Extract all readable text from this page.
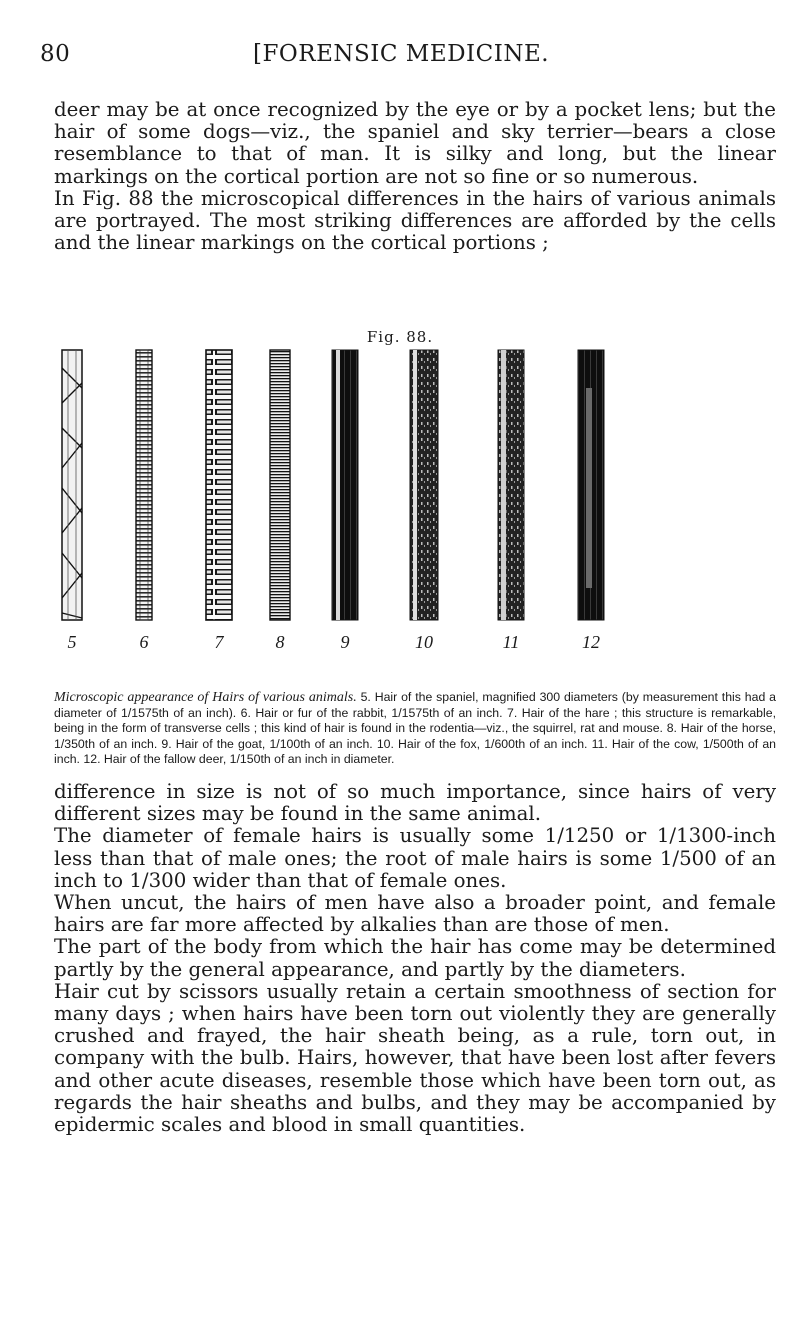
80	[FORENSIC MEDICINE.

deer may be at once recognized by the eye or by a pocket lens; but the hair of some dogs—viz., the spaniel and sky terrier—bears a close resemblance to that of man. It is silky and long, but the linear markings on the cortical portion are not so fine or so numerous.

In Fig. 88 the microscopical differences in the hairs of various animals are portrayed. The most striking differences are afforded by the cells and the linear markings on the cortical portions ;

Fig. 88.
5	6	7	8	9	10	11	12
Microscopic appearance of Hairs of various animals. 5. Hair of the spaniel, magnified 300 diameters (by measurement this had a diameter of 1/1575th of an inch). 6. Hair or fur of the rabbit, 1/1575th of an inch. 7. Hair of the hare ; this structure is remarkable, being in the form of transverse cells ; this kind of hair is found in the rodentia—viz., the squirrel, rat and mouse. 8. Hair of the horse, 1/350th of an inch. 9. Hair of the goat, 1/100th of an inch. 10. Hair of the fox, 1/600th of an inch. 11. Hair of the cow, 1/500th of an inch. 12. Hair of the fallow deer, 1/150th of an inch in diameter.

difference in size is not of so much importance, since hairs of very different sizes may be found in the same animal.

The diameter of female hairs is usually some 1/1250 or 1/1300-inch less than that of male ones; the root of male hairs is some 1/500 of an inch to 1/300 wider than that of female ones.

When uncut, the hairs of men have also a broader point, and female hairs are far more affected by alkalies than are those of men.

The part of the body from which the hair has come may be determined partly by the general appearance, and partly by the diameters.

Hair cut by scissors usually retain a certain smoothness of section for many days ; when hairs have been torn out violently they are generally crushed and frayed, the hair sheath being, as a rule, torn out, in company with the bulb. Hairs, however, that have been lost after fevers and other acute diseases, resemble those which have been torn out, as regards the hair sheaths and bulbs, and they may be accompanied by epidermic scales and blood in small quantities.
